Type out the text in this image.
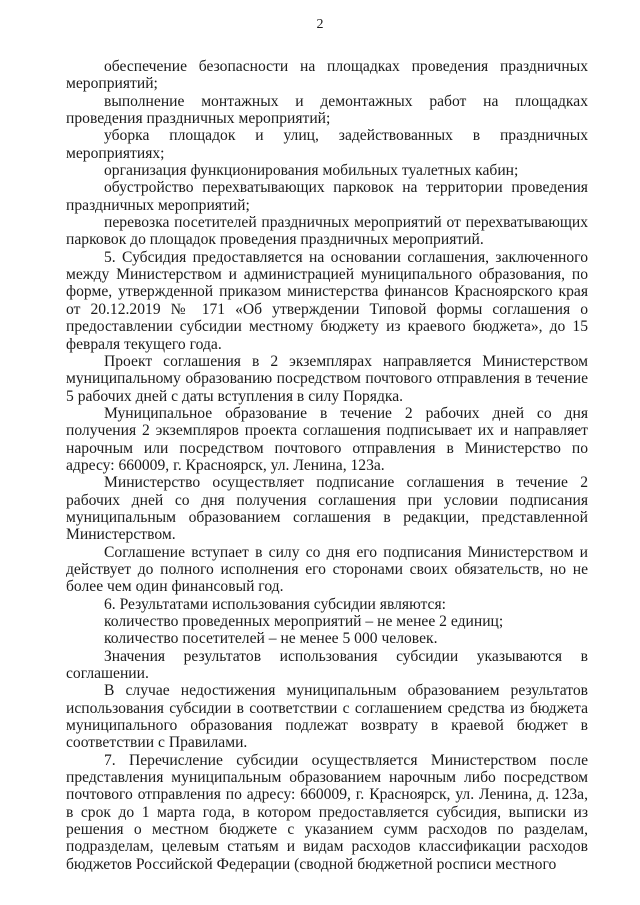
2

обеспечение безопасности на площадках проведения праздничных мероприятий;

выполнение монтажных и демонтажных работ на площадках проведения праздничных мероприятий;

уборка площадок и улиц, задействованных в праздничных мероприятиях;

организация функционирования мобильных туалетных кабин;

обустройство перехватывающих парковок на территории проведения праздничных мероприятий;

перевозка посетителей праздничных мероприятий от перехватывающих парковок до площадок проведения праздничных мероприятий.

5. Субсидия предоставляется на основании соглашения, заключенного между Министерством и администрацией муниципального образования, по форме, утвержденной приказом министерства финансов Красноярского края от 20.12.2019 № 171 «Об утверждении Типовой формы соглашения о предоставлении субсидии местному бюджету из краевого бюджета», до 15 февраля текущего года.

Проект соглашения в 2 экземплярах направляется Министерством муниципальному образованию посредством почтового отправления в течение 5 рабочих дней с даты вступления в силу Порядка.

Муниципальное образование в течение 2 рабочих дней со дня получения 2 экземпляров проекта соглашения подписывает их и направляет нарочным или посредством почтового отправления в Министерство по адресу: 660009, г. Красноярск, ул. Ленина, 123а.

Министерство осуществляет подписание соглашения в течение 2 рабочих дней со дня получения соглашения при условии подписания муниципальным образованием соглашения в редакции, представленной Министерством.

Соглашение вступает в силу со дня его подписания Министерством и действует до полного исполнения его сторонами своих обязательств, но не более чем один финансовый год.

6. Результатами использования субсидии являются:

количество проведенных мероприятий – не менее 2 единиц;

количество посетителей – не менее 5 000 человек.

Значения результатов использования субсидии указываются в соглашении.

В случае недостижения муниципальным образованием результатов использования субсидии в соответствии с соглашением средства из бюджета муниципального образования подлежат возврату в краевой бюджет в соответствии с Правилами.

7. Перечисление субсидии осуществляется Министерством после представления муниципальным образованием нарочным либо посредством почтового отправления по адресу: 660009, г. Красноярск, ул. Ленина, д. 123а, в срок до 1 марта года, в котором предоставляется субсидия, выписки из решения о местном бюджете с указанием сумм расходов по разделам, подразделам, целевым статьям и видам расходов классификации расходов бюджетов Российской Федерации (сводной бюджетной росписи местного
